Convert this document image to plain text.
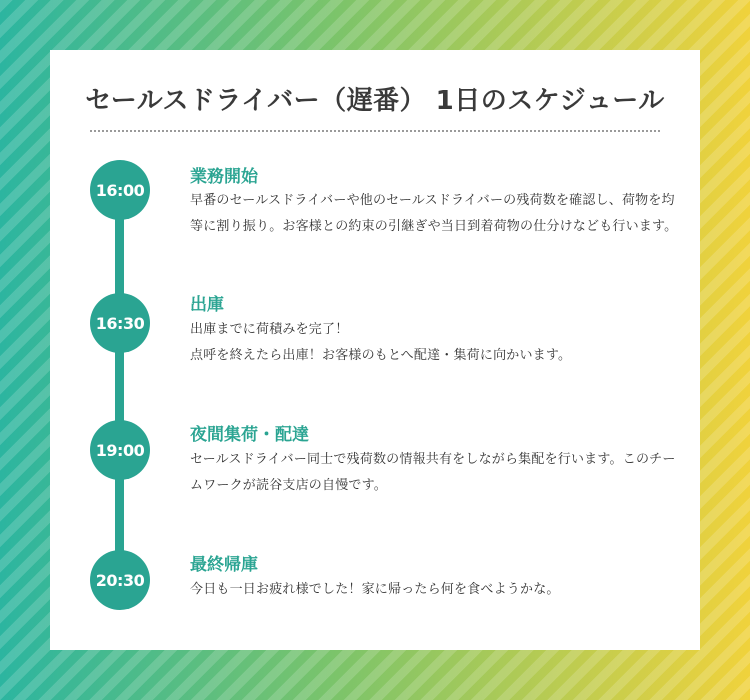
セールスドライバー（遅番） 1日のスケジュール
16:00
業務開始

早番のセールスドライバーや他のセールスドライバーの残荷数を確認し、荷物を均等に割り振り。お客様との約束の引継ぎや当日到着荷物の仕分けなども行います。

16:30
出庫

出庫までに荷積みを完了！
点呼を終えたら出庫！お客様のもとへ配達・集荷に向かいます。

19:00
夜間集荷・配達

セールスドライバー同士で残荷数の情報共有をしながら集配を行います。このチームワークが読谷支店の自慢です。

20:30
最終帰庫

今日も一日お疲れ様でした！家に帰ったら何を食べようかな。
